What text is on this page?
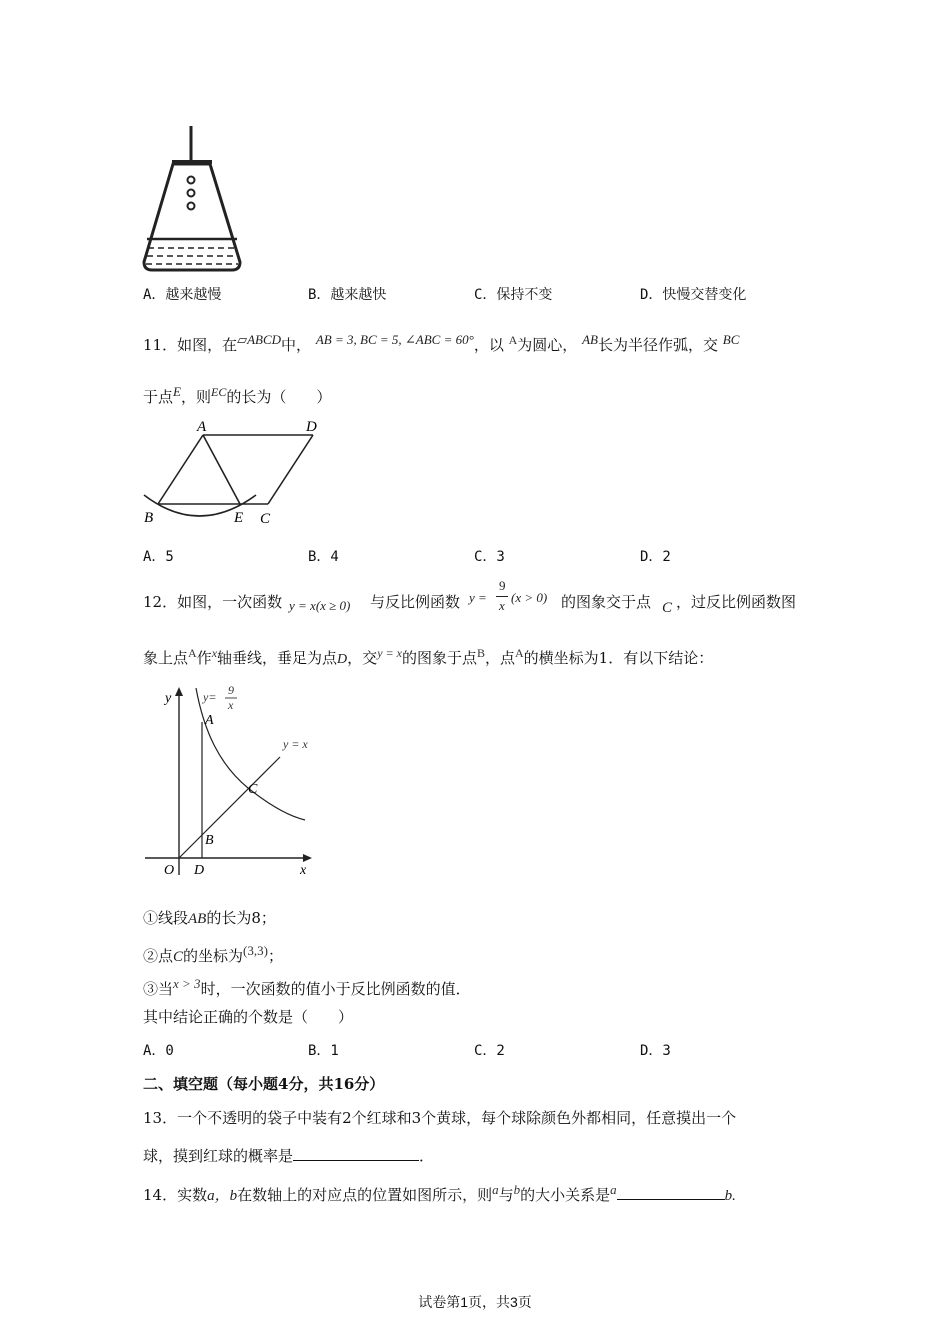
A．越来越慢	B．越来越快	C．保持不变	D．快慢交替变化
11．如图，在$^{▱ABCD}$中， $^{AB = 3, BC = 5, \angle ABC = 60^\circ}$，以 $^A$为圆心， $^{AB}$长为半径作弧，交 $^{BC}$
于点$^E$，则$^{EC}$的长为（　　）
A	D
B	E C
A．5	B．4	C．3	D．2
12．如图，一次函数 y = x(x ≥ 0) 与反比例函数 y =
9
x
(x > 0) 的图象交于点 C ，过反比例函数图
象上点$^A$作$^x$轴垂线，垂足为点D，交$^{y = x}$的图象于点$^B$，点$^A$的横坐标为1．有以下结论：
y
x
O D
A
B
C
y= 9
x
y = x
①线段AB的长为8；
②点C的坐标为$^{(3,3)}$；
③当$^{x > 3}$时，一次函数的值小于反比例函数的值．
其中结论正确的个数是（　　）
A．0	B．1	C．2	D．3
二、填空题（每小题4分，共16分）
13．一个不透明的袋子中装有2个红球和3个黄球，每个球除颜色外都相同，任意摸出一个
球，摸到红球的概率是	．
14．实数a，b在数轴上的对应点的位置如图所示，则$^a$与$^b$的大小关系是$^a$	b.
试卷第1页，共3页
